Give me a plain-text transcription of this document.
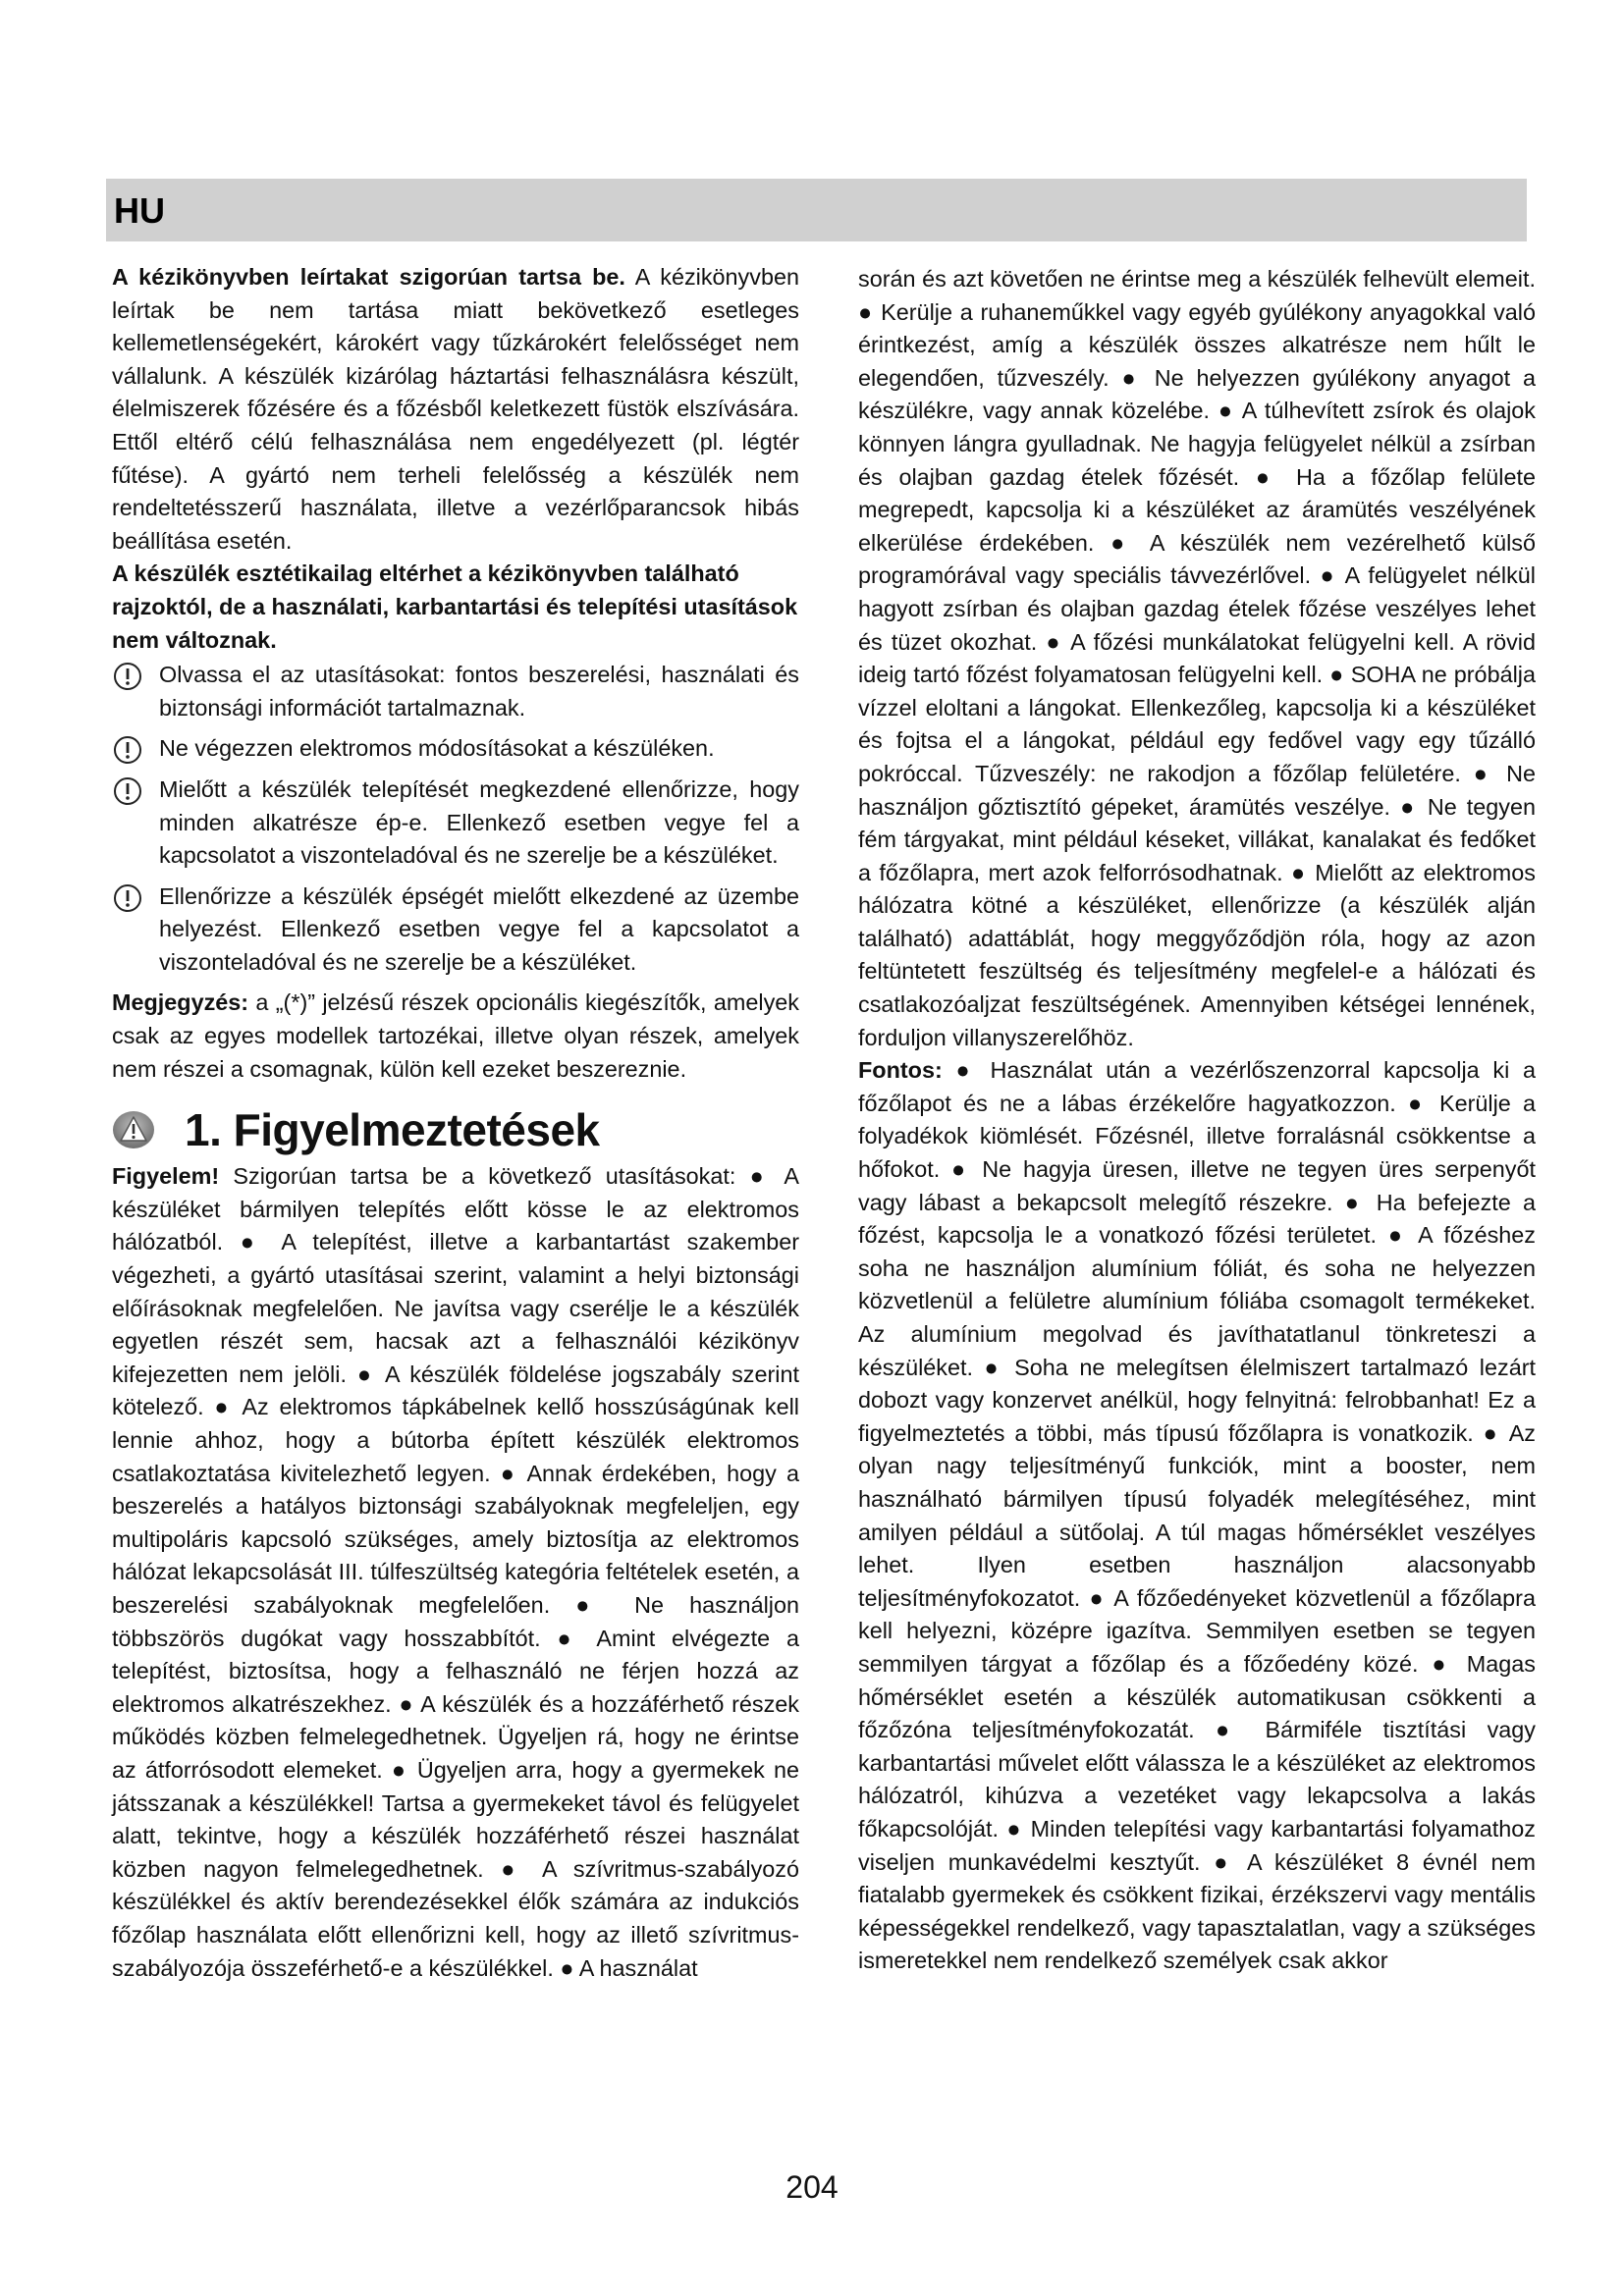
HU

A kézikönyvben leírtakat szigorúan tartsa be. A kézikönyvben leírtak be nem tartása miatt bekövetkező esetleges kellemetlenségekért, károkért vagy tűzkárokért felelősséget nem vállalunk. A készülék kizárólag háztartási felhasználásra készült, élelmiszerek főzésére és a főzésből keletkezett füstök elszívására. Ettől eltérő célú felhasználása nem engedélyezett (pl. légtér fűtése). A gyártó nem terheli felelősség a készülék nem rendeltetésszerű használata, illetve a vezérlőparancsok hibás beállítása esetén.

A készülék esztétikailag eltérhet a kézikönyvben található rajzoktól, de a használati, karbantartási és telepítési utasítások nem változnak.

Olvassa el az utasításokat: fontos beszerelési, használati és biztonsági információt tartalmaznak.
Ne végezzen elektromos módosításokat a készüléken.
Mielőtt a készülék telepítését megkezdené ellenőrizze, hogy minden alkatrésze ép-e. Ellenkező esetben vegye fel a kapcsolatot a viszonteladóval és ne szerelje be a készüléket.
Ellenőrizze a készülék épségét mielőtt elkezdené az üzembe helyezést. Ellenkező esetben vegye fel a kapcsolatot a viszonteladóval és ne szerelje be a készüléket.

Megjegyzés: a „(*)” jelzésű részek opcionális kiegészítők, amelyek csak az egyes modellek tartozékai, illetve olyan részek, amelyek nem részei a csomagnak, külön kell ezeket beszereznie.

1. Figyelmeztetések

Figyelem! Szigorúan tartsa be a következő utasításokat: ● A készüléket bármilyen telepítés előtt kösse le az elektromos hálózatból. ● A telepítést, illetve a karbantartást szakember végezheti, a gyártó utasításai szerint, valamint a helyi biztonsági előírásoknak megfelelően. Ne javítsa vagy cserélje le a készülék egyetlen részét sem, hacsak azt a felhasználói kézikönyv kifejezetten nem jelöli. ● A készülék földelése jogszabály szerint kötelező. ● Az elektromos tápkábelnek kellő hosszúságúnak kell lennie ahhoz, hogy a bútorba épített készülék elektromos csatlakoztatása kivitelezhető legyen. ● Annak érdekében, hogy a beszerelés a hatályos biztonsági szabályoknak megfeleljen, egy multipoláris kapcsoló szükséges, amely biztosítja az elektromos hálózat lekapcsolását III. túlfeszültség kategória feltételek esetén, a beszerelési szabályoknak megfelelően. ● Ne használjon többszörös dugókat vagy hosszabbítót. ● Amint elvégezte a telepítést, biztosítsa, hogy a felhasználó ne férjen hozzá az elektromos alkatrészekhez. ● A készülék és a hozzáférhető részek működés közben felmelegedhetnek. Ügyeljen rá, hogy ne érintse az átforrósodott elemeket. ● Ügyeljen arra, hogy a gyermekek ne játsszanak a készülékkel! Tartsa a gyermekeket távol és felügyelet alatt, tekintve, hogy a készülék hozzáférhető részei használat közben nagyon felmelegedhetnek. ● A szívritmus-szabályozó készülékkel és aktív berendezésekkel élők számára az indukciós főzőlap használata előtt ellenőrizni kell, hogy az illető szívritmus-szabályozója összeférhető-e a készülékkel. ● A használat

során és azt követően ne érintse meg a készülék felhevült elemeit. ● Kerülje a ruhaneműkkel vagy egyéb gyúlékony anyagokkal való érintkezést, amíg a készülék összes alkatrésze nem hűlt le elegendően, tűzveszély. ● Ne helyezzen gyúlékony anyagot a készülékre, vagy annak közelébe. ● A túlhevített zsírok és olajok könnyen lángra gyulladnak. Ne hagyja felügyelet nélkül a zsírban és olajban gazdag ételek főzését. ● Ha a főzőlap felülete megrepedt, kapcsolja ki a készüléket az áramütés veszélyének elkerülése érdekében. ● A készülék nem vezérelhető külső programórával vagy speciális távvezérlővel. ● A felügyelet nélkül hagyott zsírban és olajban gazdag ételek főzése veszélyes lehet és tüzet okozhat. ● A főzési munkálatokat felügyelni kell. A rövid ideig tartó főzést folyamatosan felügyelni kell. ● SOHA ne próbálja vízzel eloltani a lángokat. Ellenkezőleg, kapcsolja ki a készüléket és fojtsa el a lángokat, például egy fedővel vagy egy tűzálló pokróccal. Tűzveszély: ne rakodjon a főzőlap felületére. ● Ne használjon gőztisztító gépeket, áramütés veszélye. ● Ne tegyen fém tárgyakat, mint például késeket, villákat, kanalakat és fedőket a főzőlapra, mert azok felforrósodhatnak. ● Mielőtt az elektromos hálózatra kötné a készüléket, ellenőrizze (a készülék alján található) adattáblát, hogy meggyőződjön róla, hogy az azon feltüntetett feszültség és teljesítmény megfelel-e a hálózati és csatlakozóaljzat feszültségének. Amennyiben kétségei lennének, forduljon villanyszerelőhöz.

Fontos: ● Használat után a vezérlőszenzorral kapcsolja ki a főzőlapot és ne a lábas érzékelőre hagyatkozzon. ● Kerülje a folyadékok kiömlését. Főzésnél, illetve forralásnál csökkentse a hőfokot. ● Ne hagyja üresen, illetve ne tegyen üres serpenyőt vagy lábast a bekapcsolt melegítő részekre. ● Ha befejezte a főzést, kapcsolja le a vonatkozó főzési területet. ● A főzéshez soha ne használjon alumínium fóliát, és soha ne helyezzen közvetlenül a felületre alumínium fóliába csomagolt termékeket. Az alumínium megolvad és javíthatatlanul tönkreteszi a készüléket. ● Soha ne melegítsen élelmiszert tartalmazó lezárt dobozt vagy konzervet anélkül, hogy felnyitná: felrobbanhat! Ez a figyelmeztetés a többi, más típusú főzőlapra is vonatkozik. ● Az olyan nagy teljesítményű funkciók, mint a booster, nem használható bármilyen típusú folyadék melegítéséhez, mint amilyen például a sütőolaj. A túl magas hőmérséklet veszélyes lehet. Ilyen esetben használjon alacsonyabb teljesítményfokozatot. ● A főzőedényeket közvetlenül a főzőlapra kell helyezni, középre igazítva. Semmilyen esetben se tegyen semmilyen tárgyat a főzőlap és a főzőedény közé. ● Magas hőmérséklet esetén a készülék automatikusan csökkenti a főzőzóna teljesítményfokozatát. ● Bármiféle tisztítási vagy karbantartási művelet előtt válassza le a készüléket az elektromos hálózatról, kihúzva a vezetéket vagy lekapcsolva a lakás főkapcsolóját. ● Minden telepítési vagy karbantartási folyamathoz viseljen munkavédelmi kesztyűt. ● A készüléket 8 évnél nem fiatalabb gyermekek és csökkent fizikai, érzékszervi vagy mentális képességekkel rendelkező, vagy tapasztalatlan, vagy a szükséges ismeretekkel nem rendelkező személyek csak akkor

204
